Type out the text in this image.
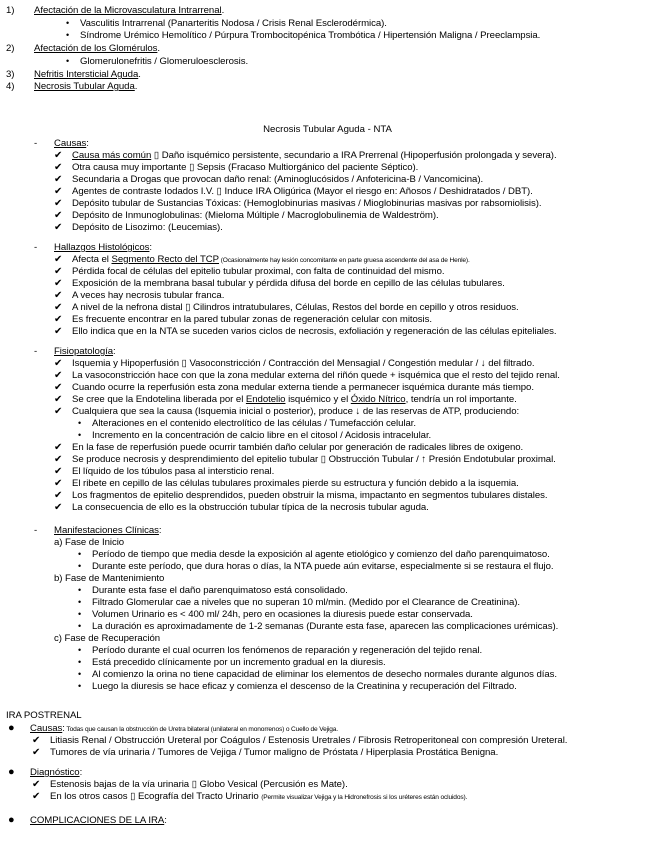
1) Afectación de la Microvasculatura Intrarrenal.
• Vasculitis Intrarrenal (Panarteritis Nodosa / Crisis Renal Esclerodérmica).
• Síndrome Urémico Hemolítico / Púrpura Trombocitopénica Trombótica / Hipertensión Maligna / Preeclampsia.
2) Afectación de los Glomérulos.
• Glomerulonefritis / Glomeruloesclerosis.
3) Nefritis Intersticial Aguda.
4) Necrosis Tubular Aguda.
Necrosis Tubular Aguda - NTA
- Causas:
✔	Causa más común ▯ Daño isquémico persistente, secundario a IRA Prerrenal (Hipoperfusión prolongada y severa).
✔	Otra causa muy importante ▯ Sepsis (Fracaso Multiorgánico del paciente Séptico).
✔	Secundaria a Drogas que provocan daño renal: (Aminoglucósidos / Anfotericina-B / Vancomicina).
✔	Agentes de contraste Iodados I.V. ▯ Induce IRA Oligúrica (Mayor el riesgo en: Añosos / Deshidratados / DBT).
✔	Depósito tubular de Sustancias Tóxicas: (Hemoglobinurias masivas / Mioglobinurias masivas por rabsomiolisis).
✔	Depósito de Inmunoglobulinas: (Mieloma Múltiple / Macroglobulinemia de Waldeström).
✔	Depósito de Lisozimo: (Leucemias).
- Hallazgos Histológicos:
✔	Afecta el Segmento Recto del TCP (Ocasionalmente hay lesión concomitante en parte gruesa ascendente del asa de Henle).
✔	Pérdida focal de células del epitelio tubular proximal, con falta de continuidad del mismo.
✔	Exposición de la membrana basal tubular y pérdida difusa del borde en cepillo de las células tubulares.
✔	A veces hay necrosis tubular franca.
✔	A nivel de la nefrona distal ▯ Cilindros intratubulares, Células, Restos del borde en cepillo y otros residuos.
✔	Es frecuente encontrar en la pared tubular zonas de regeneración celular con mitosis.
✔	Ello indica que en la NTA se suceden varios ciclos de necrosis, exfoliación y regeneración de las células epiteliales.
- Fisiopatología:
✔	Isquemia y Hipoperfusión ▯ Vasoconstricción / Contracción del Mensagial / Congestión medular / ↓ del filtrado.
✔	La vasoconstricción hace con que la zona medular externa del riñón quede + isquémica que el resto del tejido renal.
✔	Cuando ocurre la reperfusión esta zona medular externa tiende a permanecer isquémica durante más tiempo.
✔	Se cree que la Endotelina liberada por el Endotelio isquémico y el Óxido Nítrico, tendría un rol importante.
✔	Cualquiera que sea la causa (Isquemia inicial o posterior), produce ↓ de las reservas de ATP, produciendo:
• Alteraciones en el contenido electrolítico de las células / Tumefacción celular.
• Incremento en la concentración de calcio libre en el citosol / Acidosis intracelular.
✔	En la fase de reperfusión puede ocurrir también daño celular por generación de radicales libres de oxigeno.
✔	Se produce necrosis y desprendimiento del epitelio tubular ▯ Obstrucción Tubular / ↑ Presión Endotubular proximal.
✔	El líquido de los túbulos pasa al intersticio renal.
✔	El ribete en cepillo de las células tubulares proximales pierde su estructura y función debido a la isquemia.
✔	Los fragmentos de epitelio desprendidos, pueden obstruir la misma, impactanto en segmentos tubulares distales.
✔	La consecuencia de ello es la obstrucción tubular típica de la necrosis tubular aguda.
- Manifestaciones Clínicas:
a) Fase de Inicio
• Período de tiempo que media desde la exposición al agente etiológico y comienzo del daño parenquimatoso.
• Durante este período, que dura horas o días, la NTA puede aún evitarse, especialmente si se restaura el flujo.
b) Fase de Mantenimiento
• Durante esta fase el daño parenquimatoso está consolidado.
• Filtrado Glomerular cae a niveles que no superan 10 ml/min. (Medido por el Clearance de Creatinina).
• Volumen Urinario es < 400 ml/ 24h, pero en ocasiones la diuresis puede estar conservada.
• La duración es aproximadamente de 1-2 semanas (Durante esta fase, aparecen las complicaciones urémicas).
c) Fase de Recuperación
• Período durante el cual ocurren los fenómenos de reparación y regeneración del tejido renal.
• Está precedido clínicamente por un incremento gradual en la diuresis.
• Al comienzo la orina no tiene capacidad de eliminar los elementos de desecho normales durante algunos días.
• Luego la diuresis se hace eficaz y comienza el descenso de la Creatinina y recuperación del Filtrado.
IRA POSTRENAL
● Causas: Todas que causan la obstrucción de Uretra bilateral (unilateral en monorrenos) o Cuello de Vejiga.
✔	Litiasis Renal / Obstrucción Ureteral por Coágulos / Estenosis Uretrales / Fibrosis Retroperitoneal con compresión Ureteral.
✔	Tumores de vía urinaria / Tumores de Vejiga / Tumor maligno de Próstata / Hiperplasia Prostática Benigna.
● Diagnóstico:
✔	Estenosis bajas de la vía urinaria ▯ Globo Vesical (Percusión es Mate).
✔	En los otros casos ▯ Ecografía del Tracto Urinario (Permite visualizar Vejiga y la Hidronefrosis si los uréteres están ocluidos).
● COMPLICACIONES DE LA IRA:
